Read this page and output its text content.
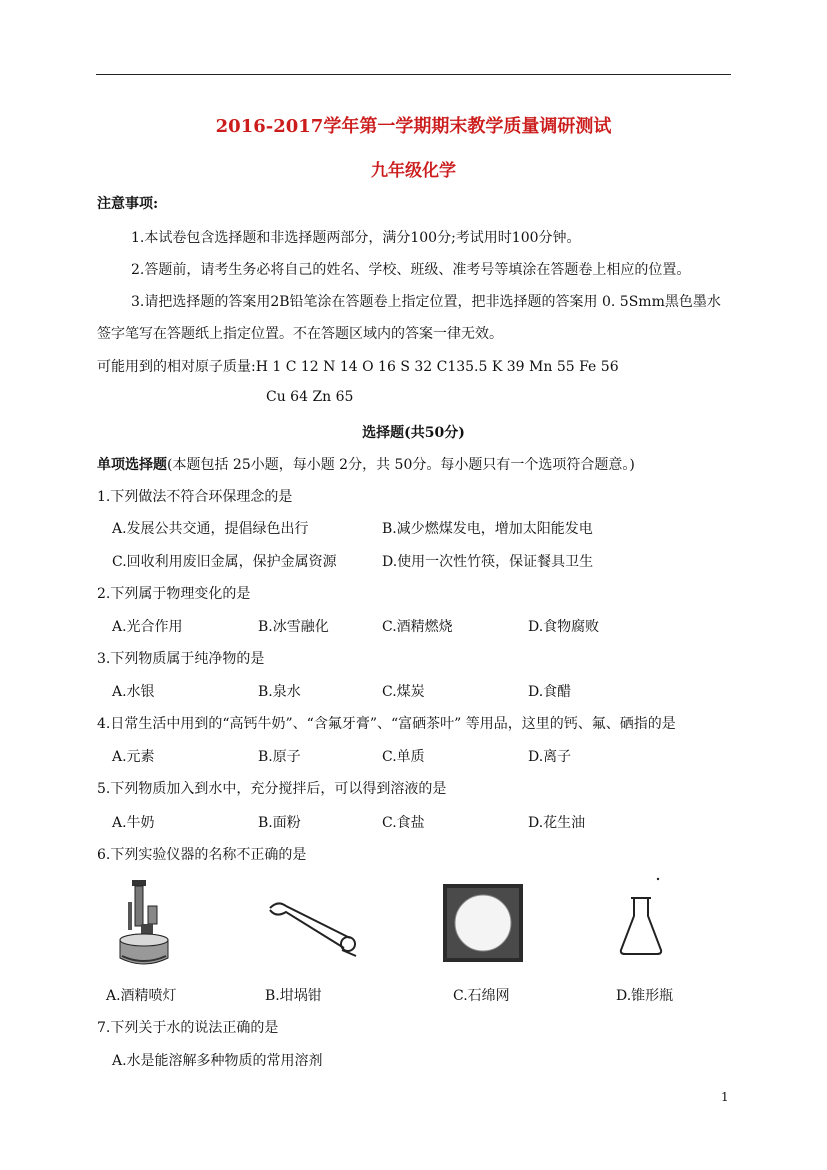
2016-2017学年第一学期期末教学质量调研测试
九年级化学
注意事项:
1.本试卷包含选择题和非选择题两部分，满分100分;考试用时100分钟。
2.答题前，请考生务必将自己的姓名、学校、班级、准考号等填涂在答题卷上相应的位置。
3.请把选择题的答案用2B铅笔涂在答题卷上指定位置，把非选择题的答案用 0. 5Smm黑色墨水
签字笔写在答题纸上指定位置。不在答题区域内的答案一律无效。
可能用到的相对原子质量:H 1 C 12 N 14 O 16 S 32 C135.5 K 39 Mn 55 Fe 56
Cu 64 Zn 65
选择题(共50分)
单项选择题(本题包括 25小题，每小题 2分，共 50分。每小题只有一个选项符合题意。)
1.下列做法不符合环保理念的是
A.发展公共交通，提倡绿色出行	B.减少燃煤发电，增加太阳能发电
C.回收利用废旧金属，保护金属资源	D.使用一次性竹筷，保证餐具卫生
2.下列属于物理变化的是
A.光合作用	B.冰雪融化	C.酒精燃烧	D.食物腐败
3.下列物质属于纯净物的是
A.水银	B.泉水	C.煤炭	D.食醋
4.日常生活中用到的“高钙牛奶”、“含氟牙膏”、“富硒茶叶” 等用品，这里的钙、氟、硒指的是
A.元素	B.原子	C.单质	D.离子
5.下列物质加入到水中，充分搅拌后，可以得到溶液的是
A.牛奶	B.面粉	C.食盐	D.花生油
6.下列实验仪器的名称不正确的是
A.酒精喷灯	B.坩埚钳	C.石绵网	D.锥形瓶
7.下列关于水的说法正确的是
A.水是能溶解多种物质的常用溶剂
1
